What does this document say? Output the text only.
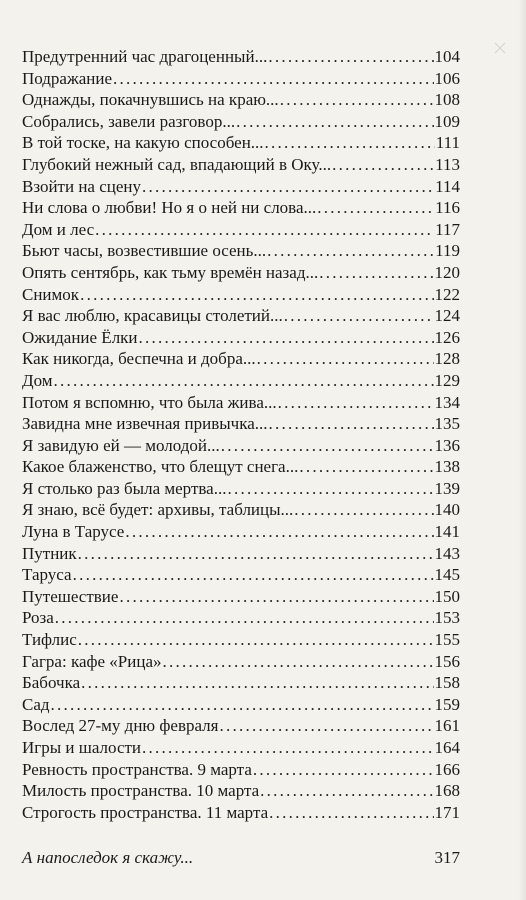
Предутренний час драгоценный... . . .	104
Подражание . . .	106
Однажды, покачнувшись на краю... . . .	108
Собрались, завели разговор... . . .	109
В той тоске, на какую способен... . . .	111
Глубокий нежный сад, впадающий в Оку... . . .	113
Взойти на сцену . . .	114
Ни слова о любви! Но я о ней ни слова... . . .	116
Дом и лес . . .	117
Бьют часы, возвестившие осень... . . .	119
Опять сентябрь, как тьму времён назад... . . .	120
Снимок . . .	122
Я вас люблю, красавицы столетий... . . .	124
Ожидание Ёлки . . .	126
Как никогда, беспечна и добра... . . .	128
Дом . . .	129
Потом я вспомню, что была жива... . . .	134
Завидна мне извечная привычка... . . .	135
Я завидую ей — молодой... . . .	136
Какое блаженство, что блещут снега... . . .	138
Я столько раз была мертва... . . .	139
Я знаю, всё будет: архивы, таблицы... . . .	140
Луна в Тарусе . . .	141
Путник . . .	143
Таруса . . .	145
Путешествие . . .	150
Роза . . .	153
Тифлис . . .	155
Гагра: кафе «Рица» . . .	156
Бабочка . . .	158
Сад . . .	159
Вослед 27-му дню февраля . . .	161
Игры и шалости . . .	164
Ревность пространства. 9 марта . . .	166
Милость пространства. 10 марта . . .	168
Строгость пространства. 11 марта . . .	171
А напоследок я скажу...	317
